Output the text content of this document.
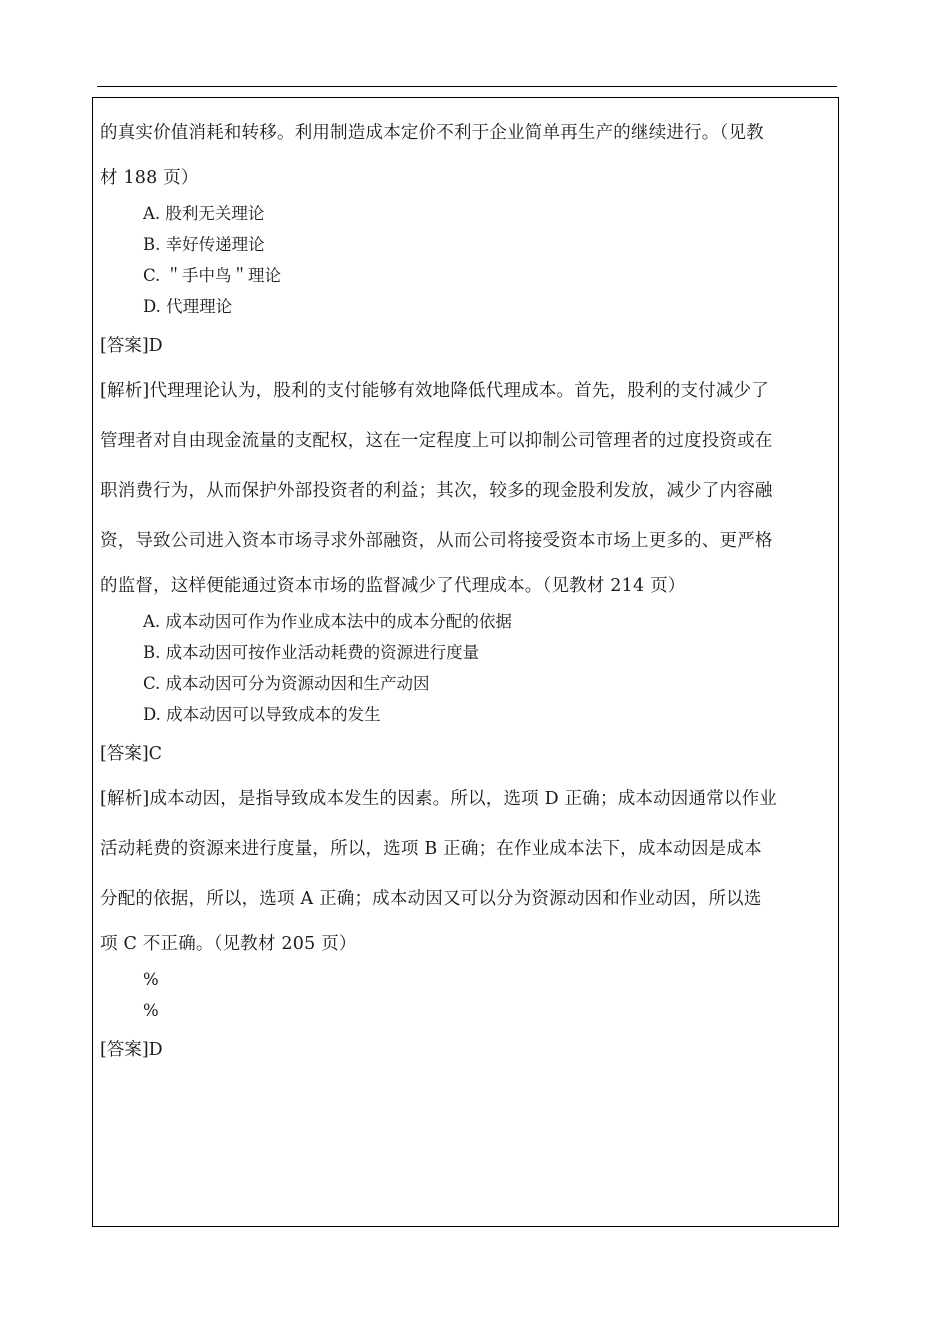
的真实价值消耗和转移。利用制造成本定价不利于企业简单再生产的继续进行。（见教

材 188 页）

A. 股利无关理论

B. 幸好传递理论

C. ＂手中鸟＂理论

D. 代理理论

[答案]D

[解析]代理理论认为，股利的支付能够有效地降低代理成本。首先，股利的支付减少了

管理者对自由现金流量的支配权，这在一定程度上可以抑制公司管理者的过度投资或在

职消费行为，从而保护外部投资者的利益；其次，较多的现金股利发放，减少了内容融

资，导致公司进入资本市场寻求外部融资，从而公司将接受资本市场上更多的、更严格

的监督，这样便能通过资本市场的监督减少了代理成本。（见教材 214 页）

A. 成本动因可作为作业成本法中的成本分配的依据

B. 成本动因可按作业活动耗费的资源进行度量

C. 成本动因可分为资源动因和生产动因

D. 成本动因可以导致成本的发生

[答案]C

[解析]成本动因，是指导致成本发生的因素。所以，选项 D 正确；成本动因通常以作业

活动耗费的资源来进行度量，所以，选项 B 正确；在作业成本法下，成本动因是成本

分配的依据，所以，选项 A 正确；成本动因又可以分为资源动因和作业动因，所以选

项 C 不正确。（见教材 205 页）

%

%

[答案]D
